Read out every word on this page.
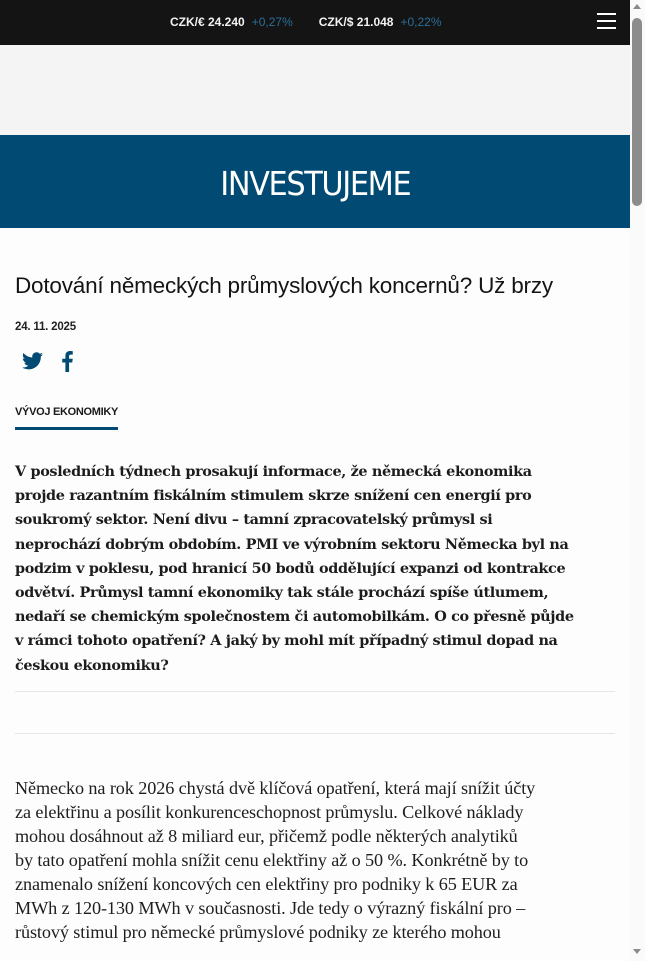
CZK/€ 24.240 +0,27% CZK/$ 21.048 +0,22%
INVESTUJEME
Dotování německých průmyslových koncernů? Už brzy
24. 11. 2025
VÝVOJ EKONOMIKY

V posledních týdnech prosakují informace, že německá ekonomika

projde razantním fiskálním stimulem skrze snížení cen energií pro

soukromý sektor. Není divu – tamní zpracovatelský průmysl si

neprochází dobrým obdobím. PMI ve výrobním sektoru Německa byl na

podzim v poklesu, pod hranicí 50 bodů oddělující expanzi od kontrakce

odvětví. Průmysl tamní ekonomiky tak stále prochází spíše útlumem,

nedaří se chemickým společnostem či automobilkám. O co přesně půjde

v rámci tohoto opatření? A jaký by mohl mít případný stimul dopad na

českou ekonomiku?

Německo na rok 2026 chystá dvě klíčová opatření, která mají snížit účty

za elektřinu a posílit konkurenceschopnost průmyslu. Celkové náklady

mohou dosáhnout až 8 miliard eur, přičemž podle některých analytiků

by tato opatření mohla snížit cenu elektřiny až o 50 %. Konkrétně by to

znamenalo snížení koncových cen elektřiny pro podniky k 65 EUR za

MWh z 120-130 MWh v současnosti. Jde tedy o výrazný fiskální pro –

růstový stimul pro německé průmyslové podniky ze kterého mohou
